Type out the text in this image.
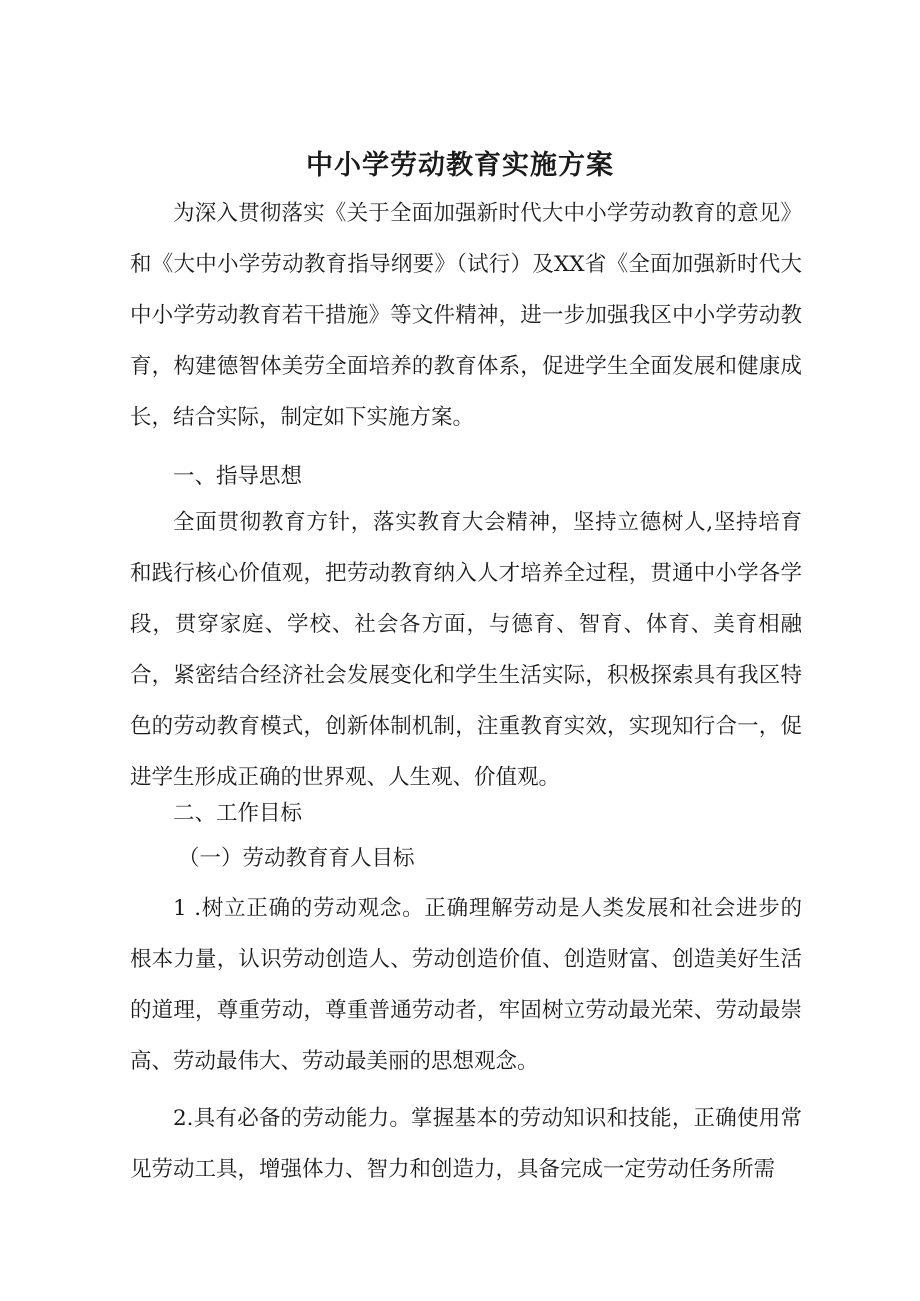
中小学劳动教育实施方案

为深入贯彻落实《关于全面加强新时代大中小学劳动教育的意见》和《大中小学劳动教育指导纲要》（试行）及XX省《全面加强新时代大中小学劳动教育若干措施》等文件精神，进一步加强我区中小学劳动教育，构建德智体美劳全面培养的教育体系，促进学生全面发展和健康成长，结合实际，制定如下实施方案。

一、指导思想

全面贯彻教育方针，落实教育大会精神，坚持立德树人,坚持培育和践行核心价值观，把劳动教育纳入人才培养全过程，贯通中小学各学段，贯穿家庭、学校、社会各方面，与德育、智育、体育、美育相融合，紧密结合经济社会发展变化和学生生活实际，积极探索具有我区特色的劳动教育模式，创新体制机制，注重教育实效，实现知行合一，促进学生形成正确的世界观、人生观、价值观。

二、工作目标

（一）劳动教育育人目标

1 .树立正确的劳动观念。正确理解劳动是人类发展和社会进步的根本力量，认识劳动创造人、劳动创造价值、创造财富、创造美好生活的道理，尊重劳动，尊重普通劳动者，牢固树立劳动最光荣、劳动最崇高、劳动最伟大、劳动最美丽的思想观念。

2.具有必备的劳动能力。掌握基本的劳动知识和技能，正确使用常见劳动工具，增强体力、智力和创造力，具备完成一定劳动任务所需
